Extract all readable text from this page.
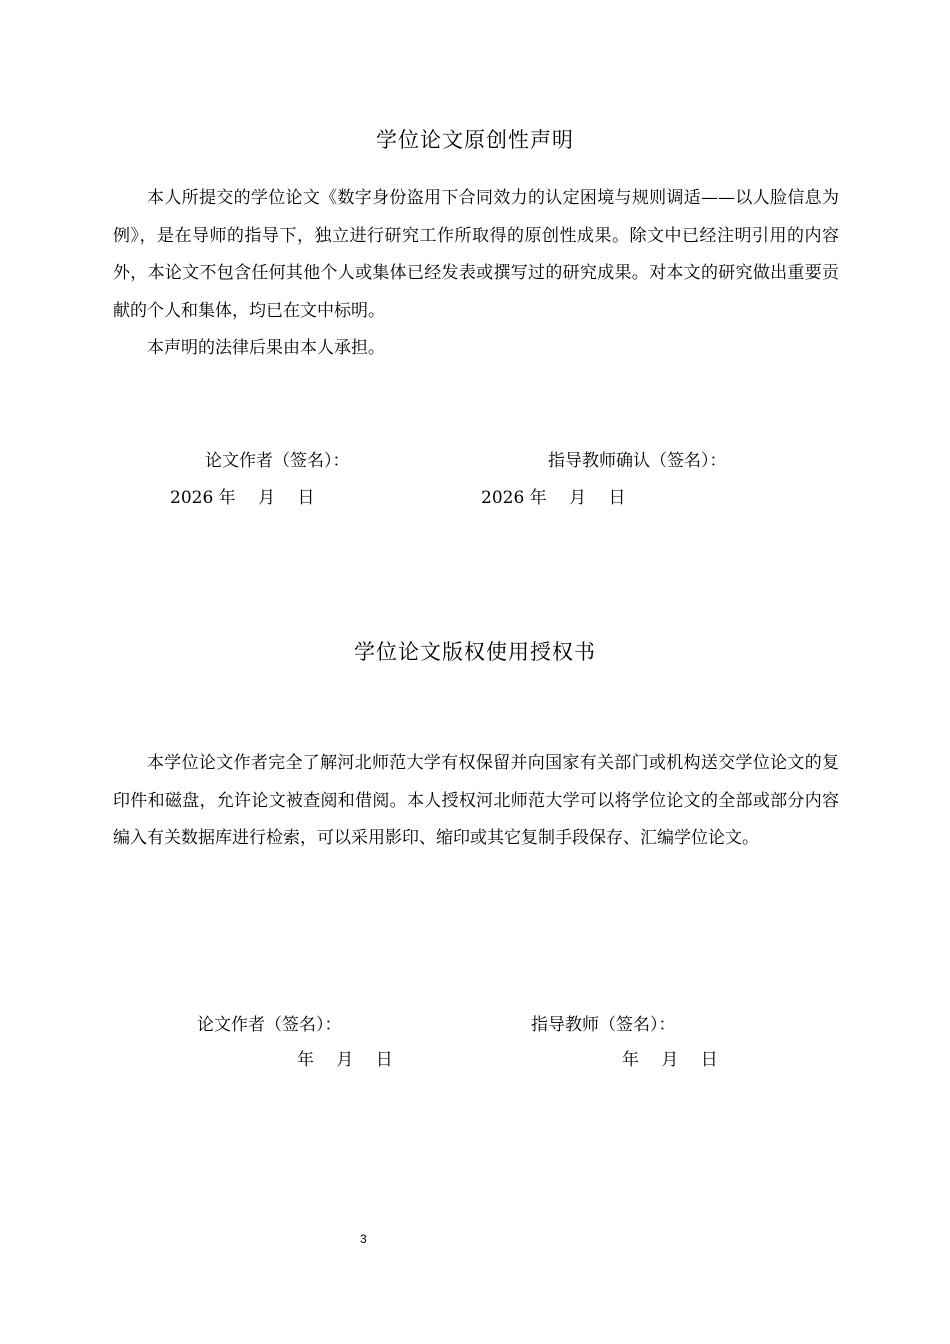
学位论文原创性声明

本人所提交的学位论文《数字身份盗用下合同效力的认定困境与规则调适——以人脸信息为例》，是在导师的指导下，独立进行研究工作所取得的原创性成果。除文中已经注明引用的内容外，本论文不包含任何其他个人或集体已经发表或撰写过的研究成果。对本文的研究做出重要贡献的个人和集体，均已在文中标明。

本声明的法律后果由本人承担。

论文作者（签名）：	指导教师确认（签名）：
2026 年　 月　 日	2026 年　 月　 日
学位论文版权使用授权书

本学位论文作者完全了解河北师范大学有权保留并向国家有关部门或机构送交学位论文的复印件和磁盘，允许论文被查阅和借阅。本人授权河北师范大学可以将学位论文的全部或部分内容编入有关数据库进行检索，可以采用影印、缩印或其它复制手段保存、汇编学位论文。

论文作者（签名）：	指导教师（签名）：
年　 月　 日	年　 月　 日
3
